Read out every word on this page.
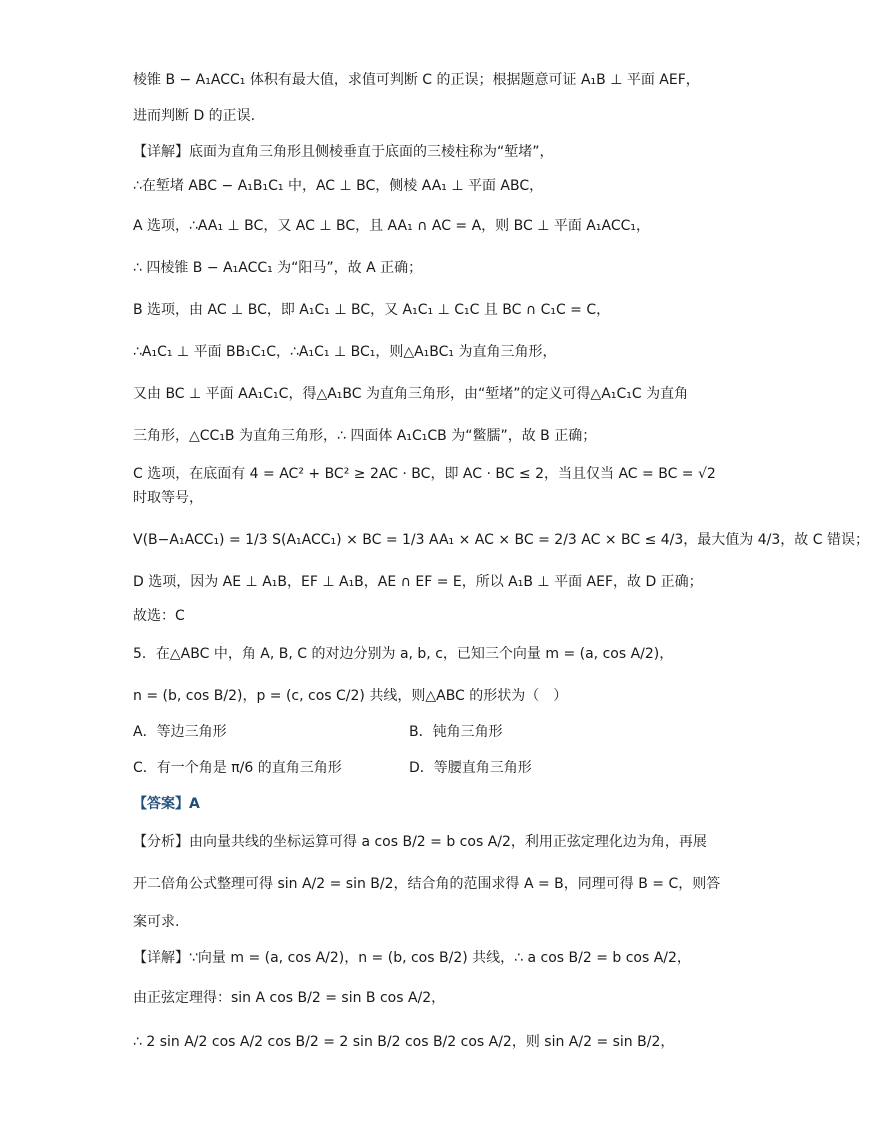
棱锥 B − A₁ACC₁ 体积有最大值，求值可判断 C 的正误；根据题意可证 A₁B ⊥ 平面 AEF，
进而判断 D 的正误.
【详解】底面为直角三角形且侧棱垂直于底面的三棱柱称为“堑堵”，
∴在堑堵 ABC − A₁B₁C₁ 中，AC ⊥ BC，侧棱 AA₁ ⊥ 平面 ABC，
A 选项，∴AA₁ ⊥ BC，又 AC ⊥ BC，且 AA₁ ∩ AC = A，则 BC ⊥ 平面 A₁ACC₁，
∴ 四棱锥 B − A₁ACC₁ 为“阳马”，故 A 正确；
B 选项，由 AC ⊥ BC，即 A₁C₁ ⊥ BC，又 A₁C₁ ⊥ C₁C 且 BC ∩ C₁C = C，
∴A₁C₁ ⊥ 平面 BB₁C₁C，∴A₁C₁ ⊥ BC₁，则△A₁BC₁ 为直角三角形，
又由 BC ⊥ 平面 AA₁C₁C，得△A₁BC 为直角三角形，由“堑堵”的定义可得△A₁C₁C 为直角
三角形，△CC₁B 为直角三角形，∴ 四面体 A₁C₁CB 为“鳖臑”，故 B 正确；
C 选项，在底面有 4 = AC² + BC² ≥ 2AC · BC，即 AC · BC ≤ 2，当且仅当 AC = BC = √2
时取等号，
V(B−A₁ACC₁) = 1/3 S(A₁ACC₁) × BC = 1/3 AA₁ × AC × BC = 2/3 AC × BC ≤ 4/3，最大值为 4/3，故 C 错误；
D 选项，因为 AE ⊥ A₁B，EF ⊥ A₁B，AE ∩ EF = E，所以 A₁B ⊥ 平面 AEF，故 D 正确；
故选：C
5．在△ABC 中，角 A, B, C 的对边分别为 a, b, c，已知三个向量 m = (a, cos A/2)，
n = (b, cos B/2)，p = (c, cos C/2) 共线，则△ABC 的形状为（　）
A．等边三角形	B．钝角三角形
C．有一个角是 π/6 的直角三角形	D．等腰直角三角形
【答案】A
【分析】由向量共线的坐标运算可得 a cos B/2 = b cos A/2，利用正弦定理化边为角，再展
开二倍角公式整理可得 sin A/2 = sin B/2，结合角的范围求得 A = B，同理可得 B = C，则答
案可求.
【详解】∵向量 m = (a, cos A/2)，n = (b, cos B/2) 共线，∴ a cos B/2 = b cos A/2，
由正弦定理得：sin A cos B/2 = sin B cos A/2，
∴ 2 sin A/2 cos A/2 cos B/2 = 2 sin B/2 cos B/2 cos A/2，则 sin A/2 = sin B/2，
